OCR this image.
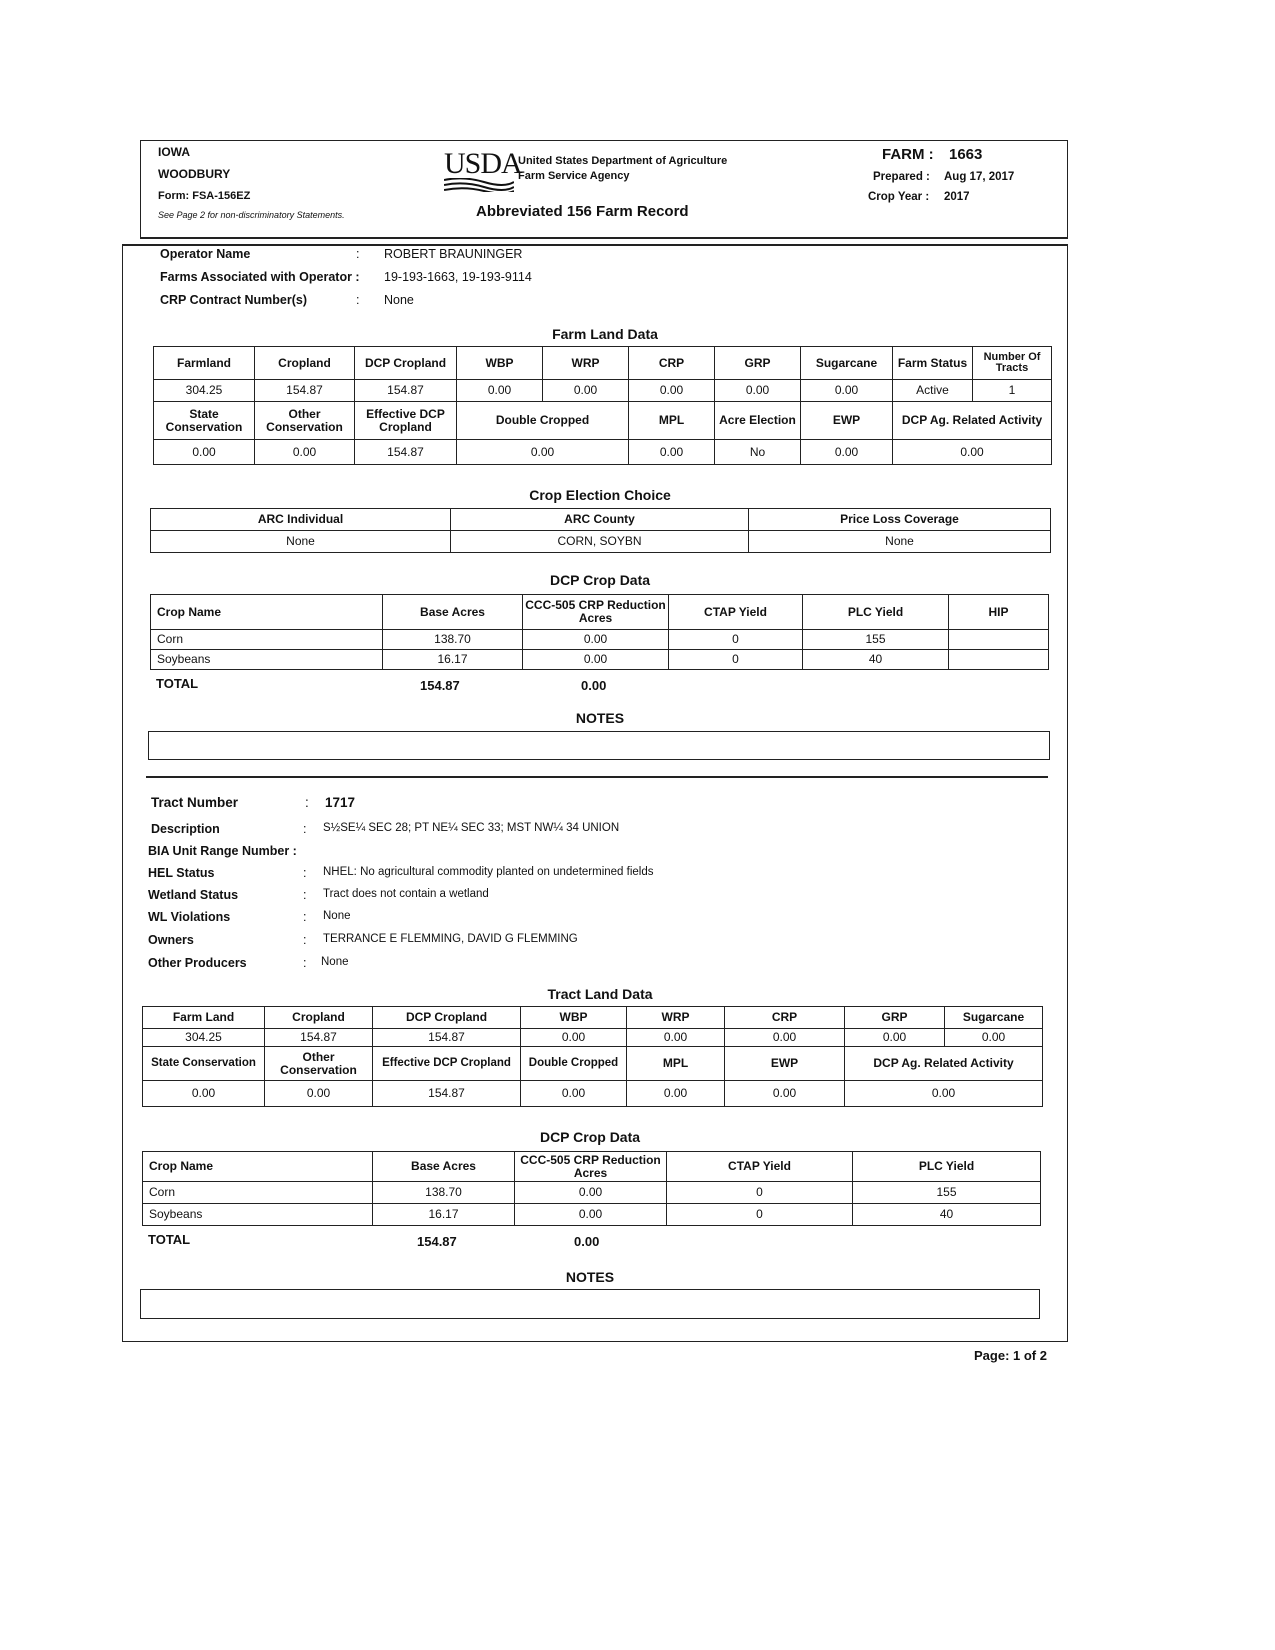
IOWA
WOODBURY
Form: FSA-156EZ
See Page 2 for non-discriminatory Statements.
USDA
United States Department of Agriculture
Farm Service Agency
Abbreviated 156 Farm Record
FARM : 1663
Prepared : Aug 17, 2017
Crop Year : 2017
Operator Name	: ROBERT BRAUNINGER
Farms Associated with Operator : 19-193-1663, 19-193-9114
CRP Contract Number(s)	: None
Farm Land Data
Farmland	Cropland	DCP Cropland	WBP	WRP	CRP	GRP	Sugarcane	Farm Status	Number Of Tracts
304.25	154.87	154.87	0.00	0.00	0.00	0.00	0.00	Active	1
State Conservation	Other Conservation	Effective DCP Cropland	Double Cropped		MPL	Acre Election	EWP	DCP Ag. Related Activity	
0.00	0.00	154.87	0.00		0.00	No	0.00	0.00	
Crop Election Choice
ARC Individual	ARC County	Price Loss Coverage
None	CORN, SOYBN	None
DCP Crop Data
Crop Name	Base Acres	CCC-505 CRP Reduction Acres	CTAP Yield	PLC Yield	HIP
Corn	138.70	0.00	0	155	
Soybeans	16.17	0.00	0	40	
TOTAL	154.87	0.00
NOTES
Tract Number	: 1717
Description	: S½SE¼ SEC 28; PT NE¼ SEC 33; MST NW¼ 34 UNION
BIA Unit Range Number :
HEL Status	: NHEL: No agricultural commodity planted on undetermined fields
Wetland Status	: Tract does not contain a wetland
WL Violations	: None
Owners	: TERRANCE E FLEMMING, DAVID G FLEMMING
Other Producers	: None
Tract Land Data
Farm Land	Cropland	DCP Cropland	WBP	WRP	CRP	GRP	Sugarcane
304.25	154.87	154.87	0.00	0.00	0.00	0.00	0.00
State Conservation	Other Conservation	Effective DCP Cropland	Double Cropped	MPL	EWP	DCP Ag. Related Activity	
0.00	0.00	154.87	0.00	0.00	0.00	0.00	
DCP Crop Data
Crop Name	Base Acres	CCC-505 CRP Reduction Acres	CTAP Yield	PLC Yield
Corn	138.70	0.00	0	155
Soybeans	16.17	0.00	0	40
TOTAL	154.87	0.00
NOTES
Page: 1 of 2
